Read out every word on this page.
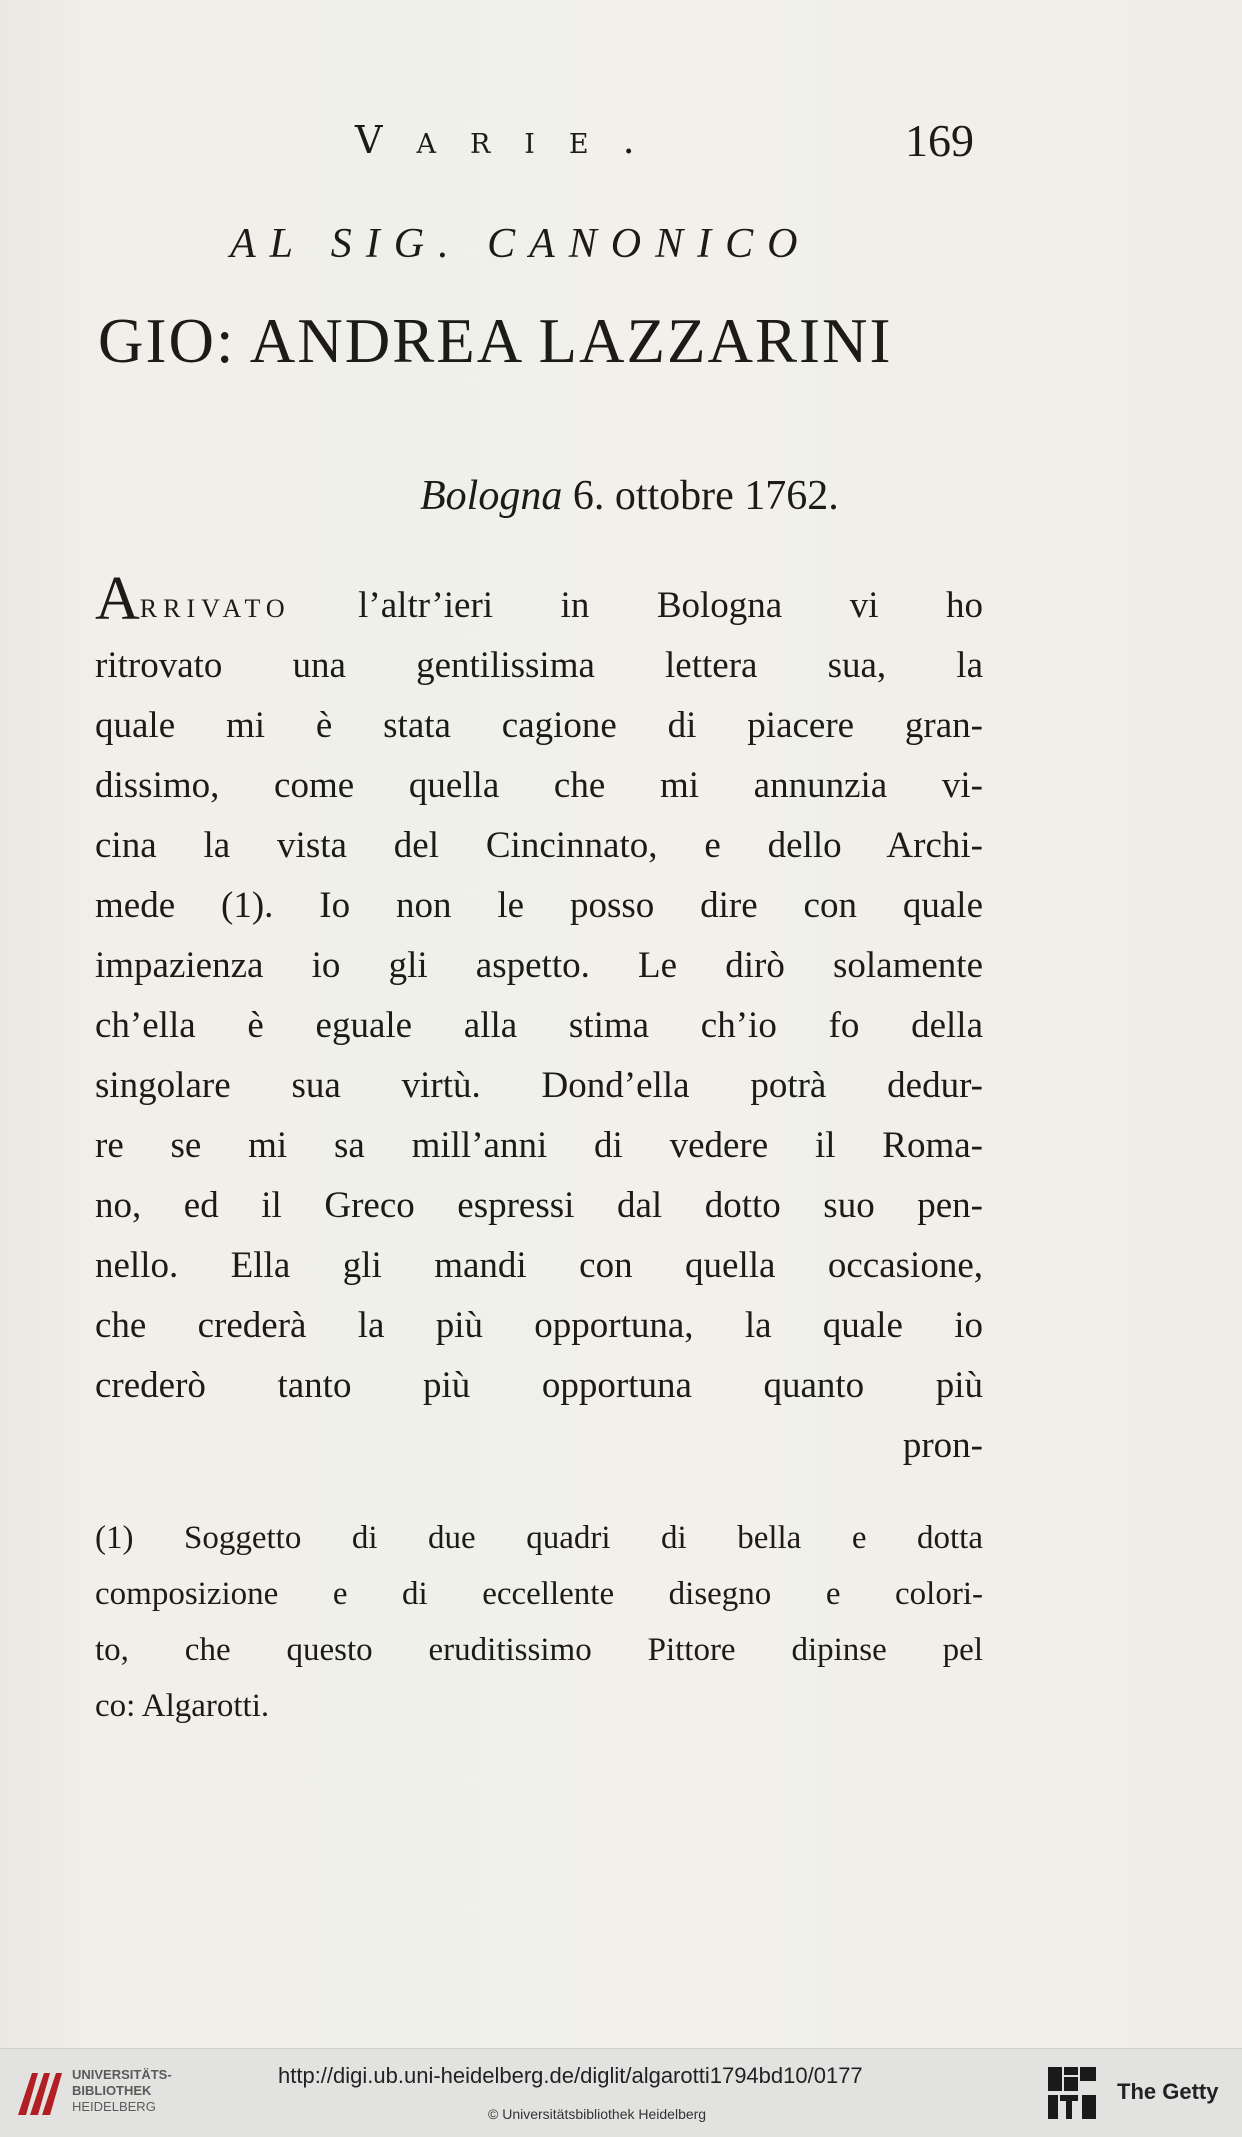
Varie.	169
AL SIG. CANONICO
GIO: ANDREA LAZZARINI
Bologna 6. ottobre 1762.
Arrivato l’altr’ieri in Bologna vi ho
ritrovato una gentilissima lettera sua, la
quale mi è stata cagione di piacere gran-
dissimo, come quella che mi annunzia vi-
cina la vista del Cincinnato, e dello Archi-
mede (1). Io non le posso dire con quale
impazienza io gli aspetto. Le dirò solamente
ch’ella è eguale alla stima ch’io fo della
singolare sua virtù. Dond’ella potrà dedur-
re se mi sa mill’anni di vedere il Roma-
no, ed il Greco espressi dal dotto suo pen-
nello. Ella gli mandi con quella occasione,
che crederà la più opportuna, la quale io
crederò tanto più opportuna quanto più
pron-
(1) Soggetto di due quadri di bella e dotta
composizione e di eccellente disegno e colori-
to, che questo eruditissimo Pittore dipinse pel
co: Algarotti.
UNIVERSITÄTS-
BIBLIOTHEK
HEIDELBERG
http://digi.ub.uni-heidelberg.de/diglit/algarotti1794bd10/0177
© Universitätsbibliothek Heidelberg
The Getty
